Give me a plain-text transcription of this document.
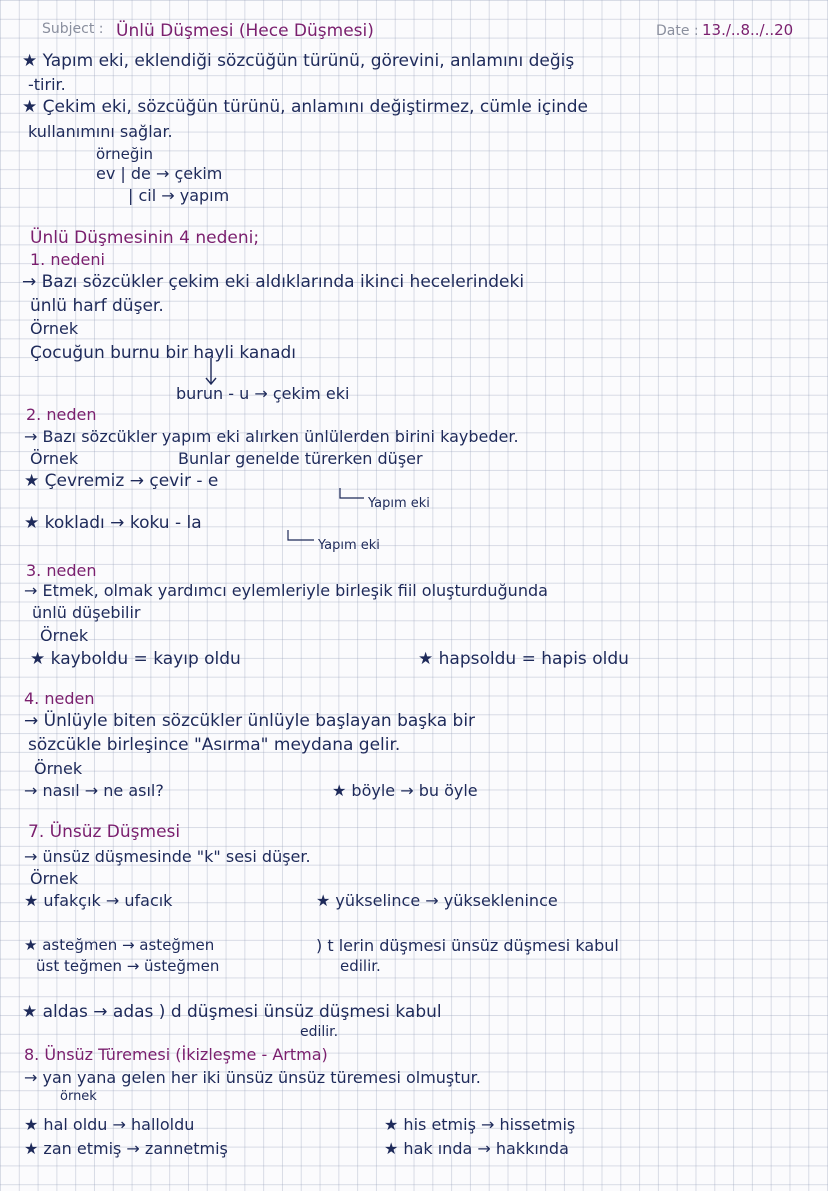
Subject : Ünlü Düşmesi (Hece Düşmesi)	Date : 13./..8../..20
★ Yapım eki, eklendiği sözcüğün türünü, görevini, anlamını değiş
-tirir.
★ Çekim eki, sözcüğün türünü, anlamını değiştirmez, cümle içinde
kullanımını sağlar.
örneğin
ev | de → çekim
| cil → yapım
Ünlü Düşmesinin 4 nedeni;
1. nedeni
→ Bazı sözcükler çekim eki aldıklarında ikinci hecelerindeki
ünlü harf düşer.
Örnek
Çocuğun burnu bir hayli kanadı
burun - u → çekim eki
2. neden
→ Bazı sözcükler yapım eki alırken ünlülerden birini kaybeder.
Örnek	Bunlar genelde türerken düşer
★ Çevremiz → çevir - e
Yapım eki
★ kokladı → koku - la
Yapım eki
3. neden
→ Etmek, olmak yardımcı eylemleriyle birleşik fiil oluşturduğunda
ünlü düşebilir
Örnek
★ kayboldu = kayıp oldu	★ hapsoldu = hapis oldu
4. neden
→ Ünlüyle biten sözcükler ünlüyle başlayan başka bir
sözcükle birleşince "Asırma" meydana gelir.
Örnek
→ nasıl → ne asıl?	★ böyle → bu öyle
7. Ünsüz Düşmesi
→ ünsüz düşmesinde "k" sesi düşer.
Örnek
★ ufakçık → ufacık	★ yükselince → yükseklenince
★ asteğmen → asteğmen
üst teğmen → üsteğmen
) t lerin düşmesi ünsüz düşmesi kabul
edilir.
★ aldas → adas ) d düşmesi ünsüz düşmesi kabul
edilir.
8. Ünsüz Türemesi (İkizleşme - Artma)
→ yan yana gelen her iki ünsüz ünsüz türemesi olmuştur.
örnek
★ hal oldu → halloldu	★ his etmiş → hissetmiş
★ zan etmiş → zannetmiş	★ hak ında → hakkında
